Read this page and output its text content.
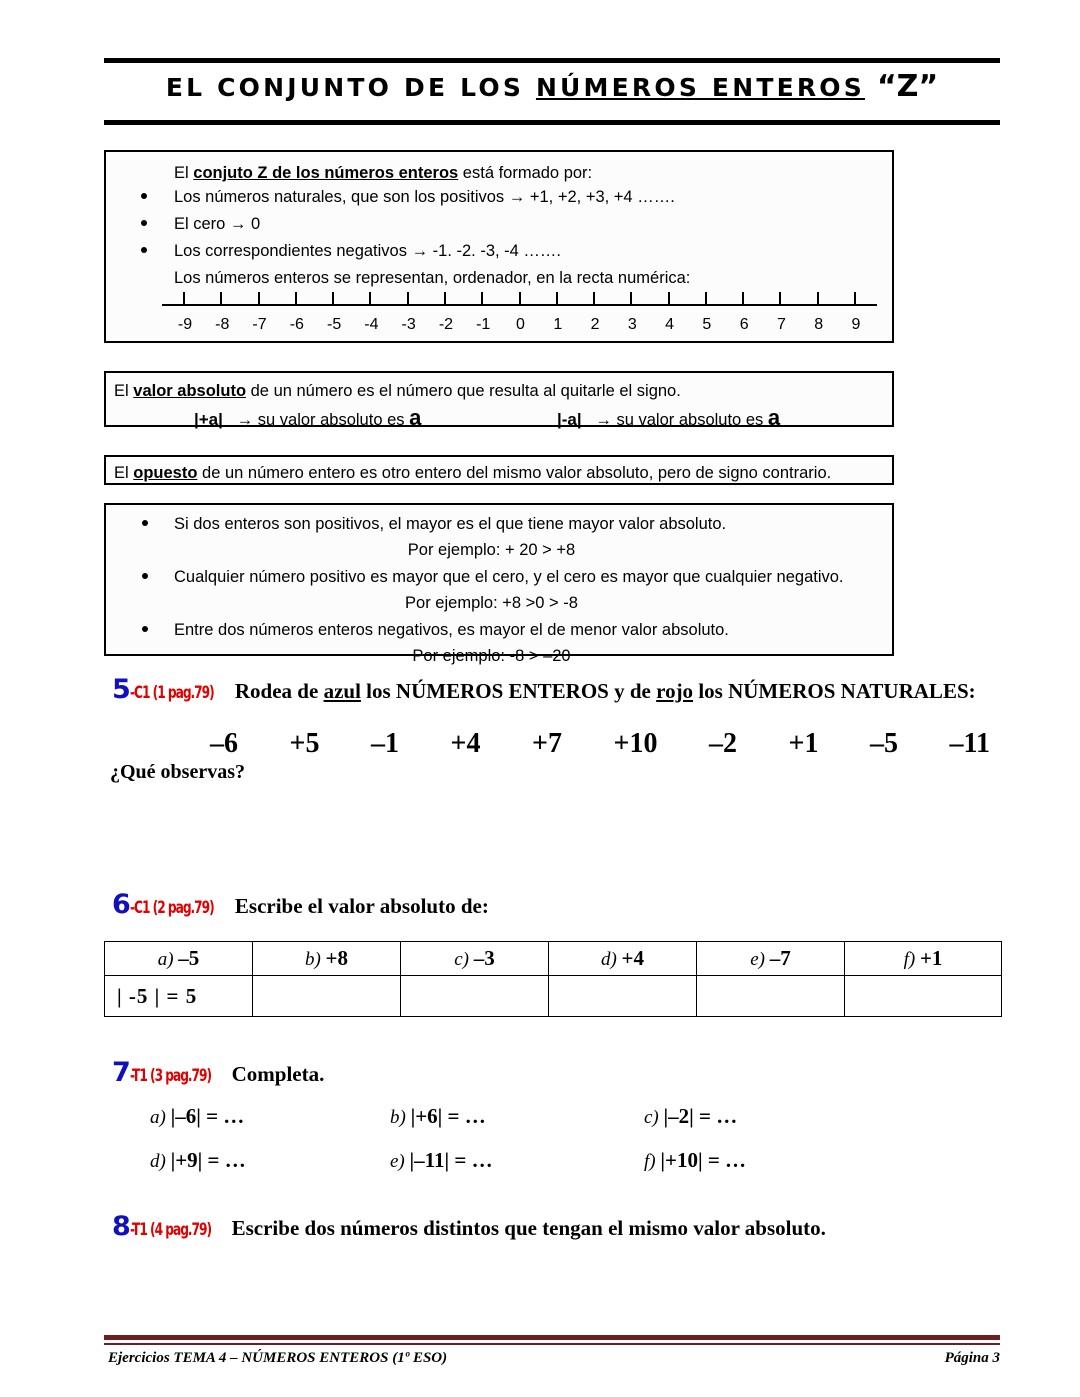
EL CONJUNTO DE LOS NÚMEROS ENTEROS “Z”
El conjuto Z de los números enteros está formado por:
Los números naturales, que son los positivos → +1, +2, +3, +4 …….
El cero → 0
Los correspondientes negativos → -1. -2. -3, -4 …….
Los números enteros se representan, ordenador, en la recta numérica:
-9	-8	-7	-6	-5	-4	-3	-2	-1	0	1	2	3	4	5	6	7	8	9
El valor absoluto de un número es el número que resulta al quitarle el signo.
|+a| → su valor absoluto es a	|-a| → su valor absoluto es a
El opuesto de un número entero es otro entero del mismo valor absoluto, pero de signo contrario.
Si dos enteros son positivos, el mayor es el que tiene mayor valor absoluto.
Por ejemplo: + 20 > +8
Cualquier número positivo es mayor que el cero, y el cero es mayor que cualquier negativo.
Por ejemplo: +8 >0 > -8
Entre dos números enteros negativos, es mayor el de menor valor absoluto.
Por ejemplo: -8 > –20
5-C1 (1 pag.79) Rodea de azul los NÚMEROS ENTEROS y de rojo los NÚMEROS NATURALES:
–6 +5 –1 +4 +7 +10 –2 +1 –5 –11
¿Qué observas?
6-C1 (2 pag.79) Escribe el valor absoluto de:
a) –5	b) +8	c) –3	d) +4	e) –7	f) +1
| -5 | = 5					
7-T1 (3 pag.79) Completa.
a) |–6| = …	b) |+6| = …	c) |–2| = …
d) |+9| = …	e) |–11| = …	f) |+10| = …
8-T1 (4 pag.79) Escribe dos números distintos que tengan el mismo valor absoluto.
Ejercicios TEMA 4 – NÚMEROS ENTEROS (1º ESO)	Página 3
